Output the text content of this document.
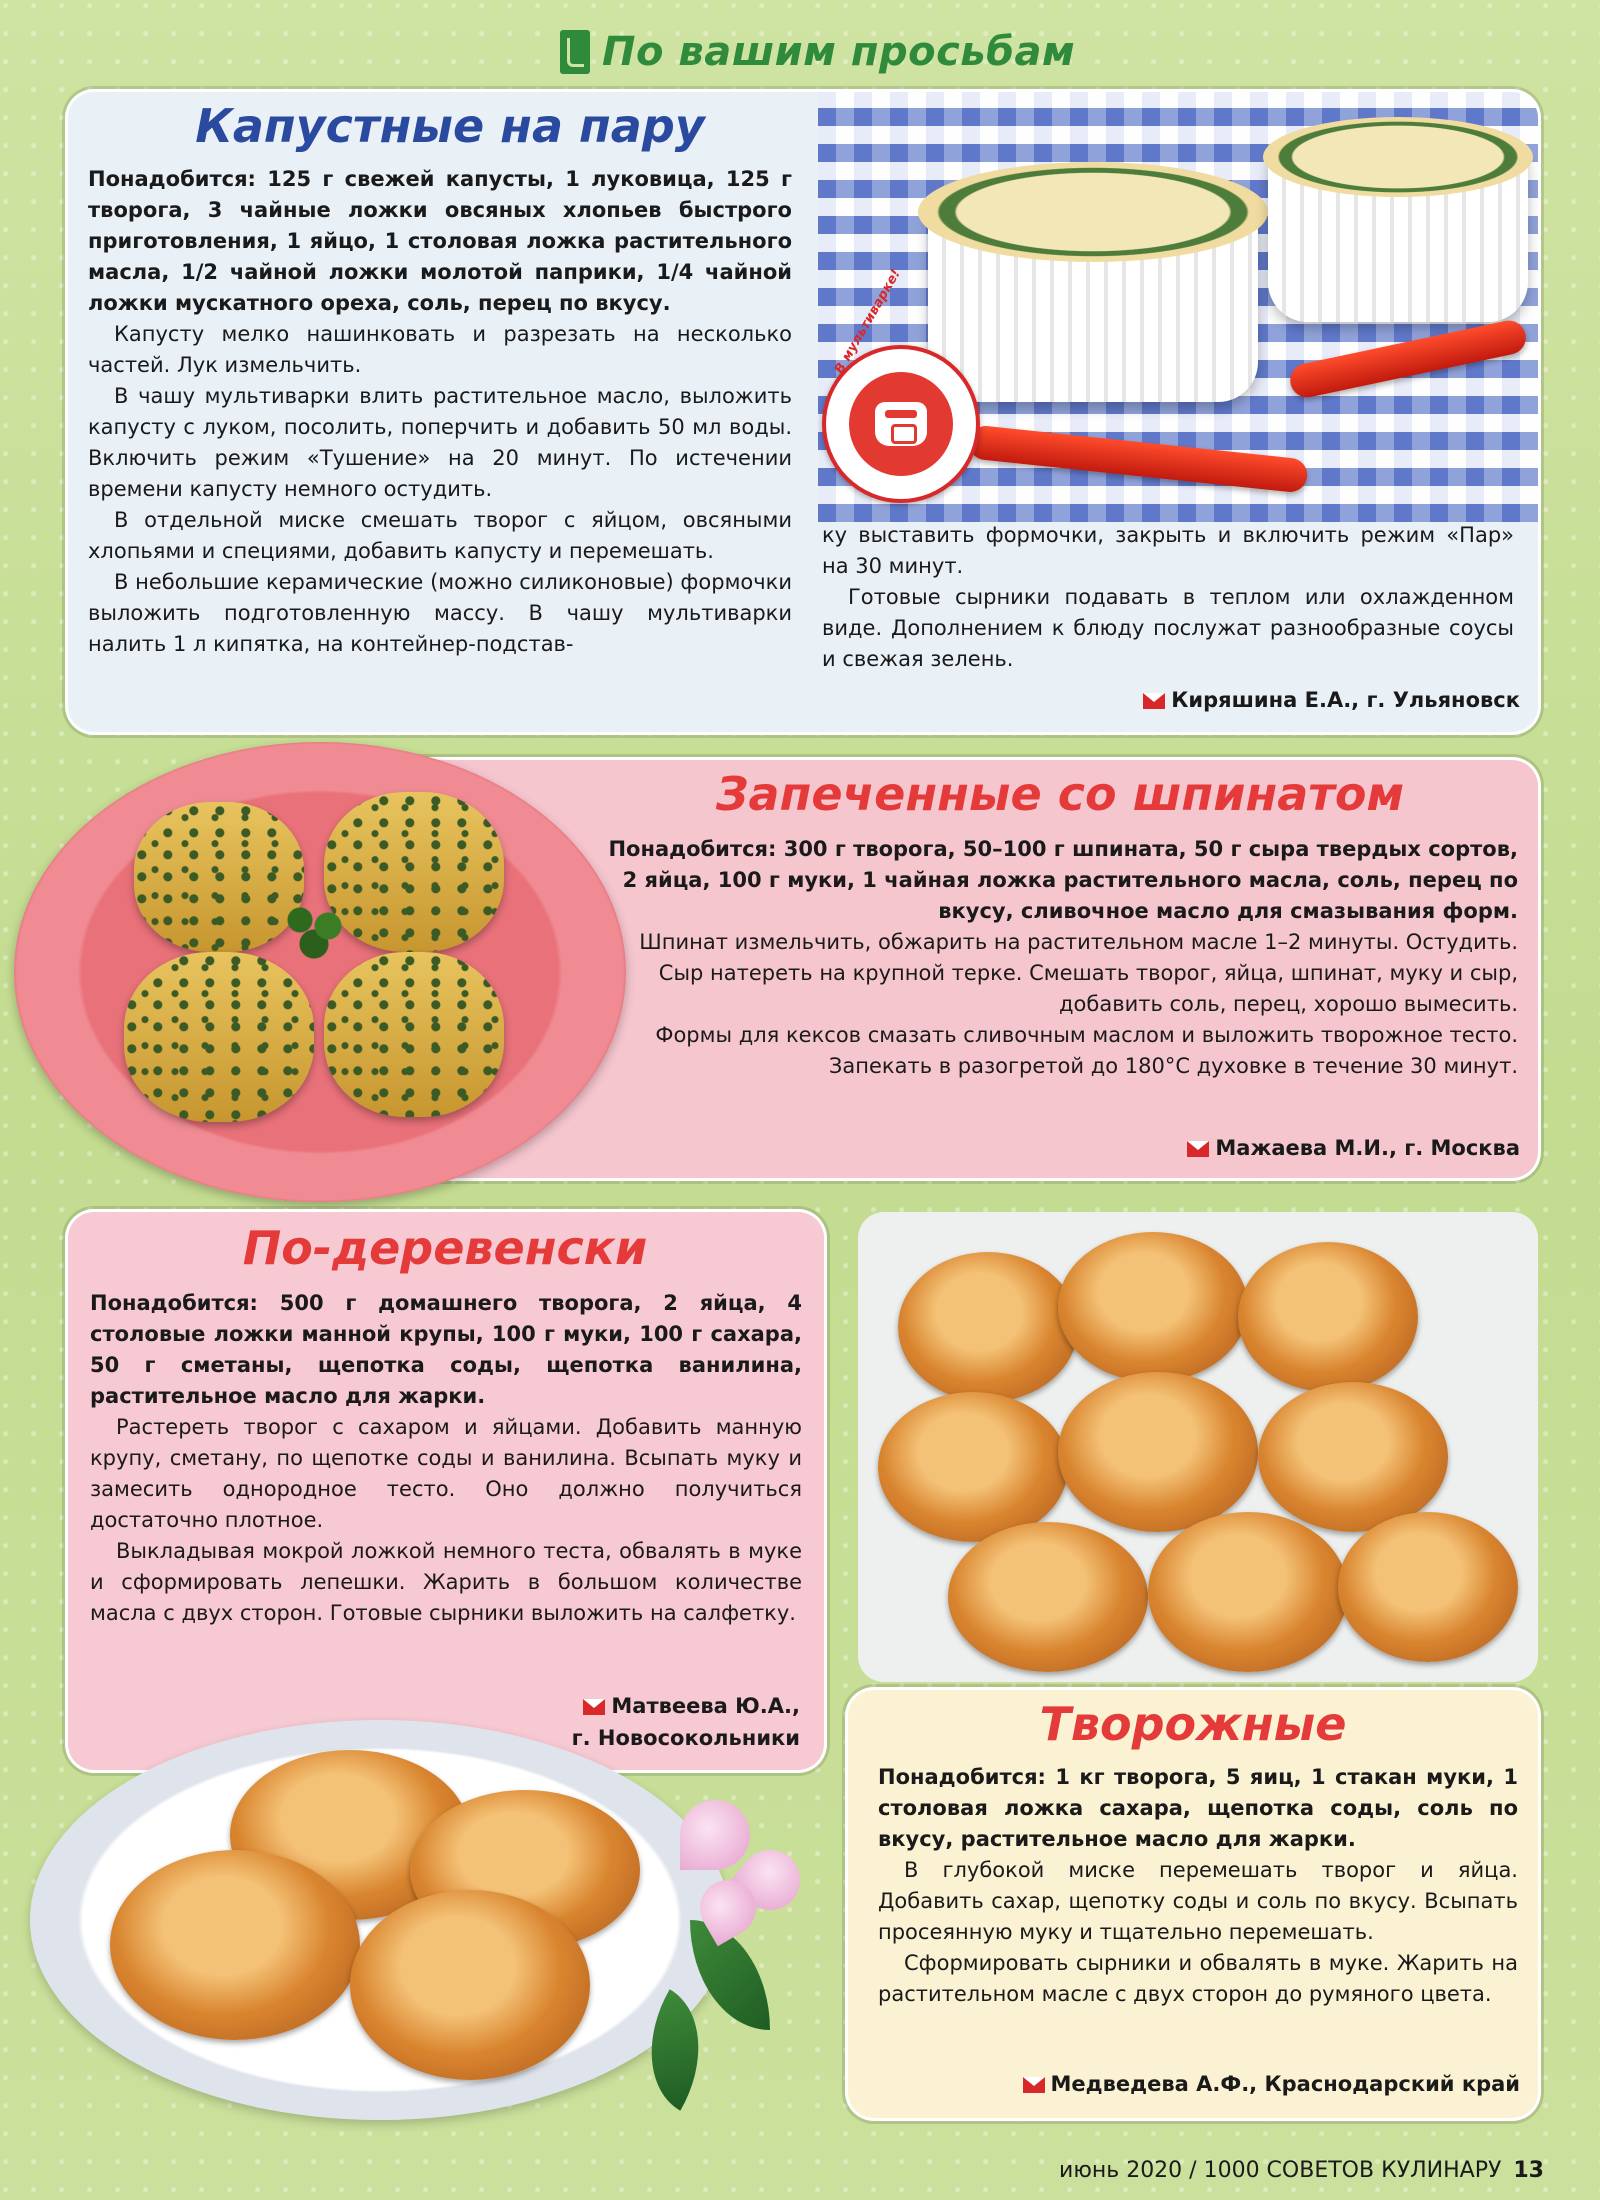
По вашим просьбам
В мультиварке!
Капустные на пару

Понадобится: 125 г свежей капусты, 1 луковица, 125 г творога, 3 чайные ложки овсяных хлопьев быстрого приготовления, 1 яйцо, 1 столовая ложка растительного масла, 1/2 чайной ложки молотой паприки, 1/4 чайной ложки мускатного ореха, соль, перец по вкусу.

Капусту мелко нашинковать и разрезать на несколько частей. Лук измельчить.

В чашу мультиварки влить растительное масло, выложить капусту с луком, посолить, поперчить и добавить 50 мл воды. Включить режим «Тушение» на 20 минут. По истечении времени капусту немного остудить.

В отдельной миске смешать творог с яйцом, овсяными хлопьями и специями, добавить капусту и перемешать.

В небольшие керамические (можно силиконовые) формочки выложить подготовленную массу. В чашу мультиварки налить 1 л кипятка, на контейнер-подстав-

ку выставить формочки, закрыть и включить режим «Пар» на 30 минут.

Готовые сырники подавать в теплом или охлажденном виде. Дополнением к блюду послужат разнообразные соусы и свежая зелень.

Киряшина Е.А., г. Ульяновск
Запеченные со шпинатом

Понадобится: 300 г творога, 50–100 г шпината, 50 г сыра твердых сортов, 2 яйца, 100 г муки, 1 чайная ложка растительного масла, соль, перец по вкусу, сливочное масло для смазывания форм.

Шпинат измельчить, обжарить на растительном масле 1–2 минуты. Остудить.

Сыр натереть на крупной терке. Смешать творог, яйца, шпинат, муку и сыр, добавить соль, перец, хорошо вымесить.

Формы для кексов смазать сливочным маслом и выложить творожное тесто. Запекать в разогретой до 180°С духовке в течение 30 минут.

Мажаева М.И., г. Москва
По-деревенски

Понадобится: 500 г домашнего творога, 2 яйца, 4 столовые ложки манной крупы, 100 г муки, 100 г сахара, 50 г сметаны, щепотка соды, щепотка ванилина, растительное масло для жарки.

Растереть творог с сахаром и яйцами. Добавить манную крупу, сметану, по щепотке соды и ванилина. Всыпать муку и замесить однородное тесто. Оно должно получиться достаточно плотное.

Выкладывая мокрой ложкой немного теста, обвалять в муке и сформировать лепешки. Жарить в большом количестве масла с двух сторон. Готовые сырники выложить на салфетку.

Матвеева Ю.А.,
г. Новосокольники	Творожные

Понадобится: 1 кг творога, 5 яиц, 1 стакан муки, 1 столовая ложка сахара, щепотка соды, соль по вкусу, растительное масло для жарки.

В глубокой миске перемешать творог и яйца. Добавить сахар, щепотку соды и соль по вкусу. Всыпать просеянную муку и тщательно перемешать.

Сформировать сырники и обвалять в муке. Жарить на растительном масле с двух сторон до румяного цвета.

Медведева А.Ф., Краснодарский край
июнь 2020 / 1000 СОВЕТОВ КУЛИНАРУ 13
